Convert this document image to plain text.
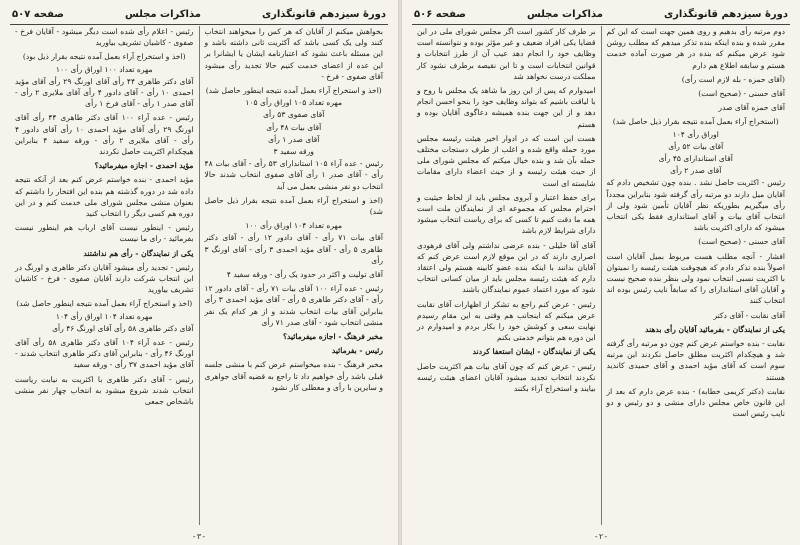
دورهٔ سیزدهم قانونگذاری
مذاکرات مجلس
صفحه ۵۰۷

بخواهش میکنم از آقایان که هر کس را میخواهند انتخاب کنند ولی یک کسی باشد که آکثریت ثانی داشته باشد و این مسئله باعث نشود که اعتبارنامه ایشان یا ایشانرا بر این عده از اعضای خدمت کنیم حالا تجدید رأی میشود آقای صفوی - فرخ -

(اخذ و استخراج آراء بعمل آمده نتیجه اینطور حاصل شد)

مهره تعداد ۱۰۵ اوراق رأی ۱۰۵

آقای صفوی ۵۳ رأی

آقای بیات ۴۸ رأی

آقای صدر ۱ رأی

ورقه سفید ۳

رئیس - عده آراء ۱۰۵ استاندارای ۵۳ رأی - آقای بیات ۴۸ رأی - آقای صدر ۱ رأی آقای صفوی انتخاب شدند حالا انتخاب دو نفر منشی بعمل می آید

(اخذ و استخراج آراء بعمل آمده نتیجه بقرار ذیل حاصل شد)

مهره تعداد ۱۰۴ اوراق رأی ۱۰۰

آقای بیات ۷۱ رأی - آقای دادور ۱۲ رأی - آقای دکتر طاهری ۵ رأی - آقای مؤید احمدی ۳ رأی - آقای اورنگ ۳ رأی

آقای تولیت و اکثر در حدود یک رأی - ورقه سفید ۴

رئیس - عده آراء ۱۰۰ آقای بیات ۷۱ رأی - آقای دادور ۱۲ رأی - آقای دکتر طاهری ۵ رأی - آقای مؤید احمدی ۳ رأی بنابراین آقای بیات انتخاب شدند و از هر کدام یک نفر منشی انتخاب شود - آقای صدر ۷۱ رأی

مخبر فرهنگ - اجازه میفرمائید؟

رئیس - بفرمائید

مخبر فرهنگ - بنده میخواستم عرض کنم با منشی جلسه قبلی باشد رأی خواهیم داد تا راجع به قضیه آقای جواهری و سایرین با رأی و معطلی کار نشود

رئیس - اعلام رأی شده است دیگر میشود - آقایان فرخ - صفوی - کاشیان تشریف بیاورید

(اخذ و استخراج آراء بعمل آمده نتیجه بقرار ذیل بود)

مهره تعداد ۱۰۰ اوراق رأی ۱۰۰

آقای دکتر طاهری ۴۴ رأی آقای اورنگ ۲۹ رأی آقای مؤید احمدی ۱۰ رأی - آقای دادور ۴ رأی آقای ملایری ۲ رأی - آقای صدر ۱ رأی - آقای فرخ ۱ رأی

رئیس - عده آراء ۱۰۰ آقای دکتر طاهری ۴۴ رأی آقای اورنگ ۲۹ رأی آقای مؤید احمدی ۱۰ رأی آقای دادور ۴ رأی - آقای ملایری ۲ رأی - ورقه سفید ۴ بنابراین هیچکدام اکثریت حاصل نکردند

مؤید احمدی - اجازه میفرمائید؟

مؤید احمدی - بنده خواستم عرض کنم بعد از آنکه نتیجه داده شد در دوره گذشته هم بنده این افتخار را داشتم که بعنوان منشی مجلس شورای ملی خدمت کنم و در این دوره هم کسی دیگر را انتخاب کنید

رئیس - اینطور نیست آقای ارباب هم اینطور نیست بفرمائید - رای ما نیست

یکی از نمایندگان - رأی هم نداشتند

رئیس - تجدید رأی میشود آقایان دکتر طاهری و اورنگ در این انتخاب شرکت دارند آقایان صفوی - فرخ - کاشیان تشریف بیاورید

(اخذ و استخراج آراء بعمل آمده نتیجه اینطور حاصل شد)

مهره تعداد ۱۰۴ اوراق رأی ۱۰۴

آقای دکتر طاهری ۵۸ رأی آقای اورنگ ۴۶ رأی

رئیس - عده آراء ۱۰۴ آقای دکتر طاهری ۵۸ رأی آقای اورنگ ۴۶ رأی - بنابراین آقای دکتر طاهری انتخاب شدند - آقای مؤید احمدی ۳۷ رأی - ورقه سفید

رئیس - آقای دکتر طاهری با اکثریت به نیابت ریاست انتخاب شدند شروع میشود به انتخاب چهار نفر منشی باشخاص جمعی

-۳-
دورهٔ سیزدهم قانونگذاری
مذاکرات مجلس
صفحه ۵۰۶

دوم مرتبه رأی بدهیم و روی همین جهت است که این کم مقرر شده و بنده اینکه بنده تذکر میدهم که مطلب روشن شود عرض میکنم که بنده در هر صورت آماده خدمت هستم و سابقه اطلاع هم دارم

(آقای حمزه - بله لازم است رأی)

آقای حسنی - (صحیح است)

آقای حمزه آقای صدر

(استخراج آراء بعمل آمده نتیجه بقرار ذیل حاصل شد)

اوراق رأی ۱۰۴

آقای بیات ۵۲ رأی

آقای استاندارای ۴۵ رأی

آقای صدر ۲ رأی

رئیس - اکثریت حاصل نشد . بنده چون تشخیص دادم که آقایان میل دارند دو مرتبه رأی گرفته شود بنابراین مجدداً رأی میگیریم بطوریکه نظر آقایان تأمین شود ولی از انتخاب آقای بیات و آقای استانداری فقط یکی انتخاب میشود که دارای اکثریت باشد

آقای حسنی - (صحیح است)

افشار - آنچه مطلب هست مربوط بمیل آقایان است اصولاً بنده تذکر دادم که هیچوقت هیئت رئیسه را نمیتوان با اکثریت نسبی انتخاب نمود ولی بنظر بنده صحیح نیست و آقایان آقای استاندارای را که سابقاً نایب رئیس بوده اند انتخاب کنند

آقای نقابت - آقای دکتر

یکی از نمایندگان - بفرمائید آقایان رأی بدهند

نقابت - بنده خواستم عرض کنم چون دو مرتبه رأی گرفته شد و هیچکدام اکثریت مطلق حاصل نکردند این مرتبه سوم است که آقای مؤید احمدی و آقای حمیدی کاندید هستند

نقابت (دکتر کریمی خطابه) - بنده عرض دارم که بعد از این قانون خاص مجلس دارای منشی و دو رئیس و دو نایب رئیس است

بر طرف کار کشور است اگر مجلس شورای ملی در این قضایا یکی افراد ضعیف و غیر مؤثر بوده و نتوانسته است وظایف خود را انجام دهد عیب آن از طرز انتخابات و قوانین انتخابات است و تا این نقیصه برطرف نشود کار مملکت درست نخواهد شد

امیدوارم که پس از این روز ما شاهد یک مجلس با روح و با لیاقت باشیم که بتواند وظایف خود را بنحو احسن انجام دهد و از این جهت بنده همیشه دعاگوی آقایان بوده و هستم

هست این است که در ادوار اخیر هیئت رئیسه مجلس مورد حمله واقع شده و اغلب از طرف دستجات مختلف حمله بآن شد و بنده خیال میکنم که مجلس شورای ملی از حیث هیئت رئیسه و از حیث اعضاء دارای مقامات شایسته ای است

برای حفظ اعتبار و آبروی مجلس باید از لحاظ حیثیت و احترام مجلس که مجموعه ای از نمایندگان ملت است همه ما دقت کنیم تا کسی که برای ریاست انتخاب میشود دارای شرایط لازم باشد

آقای آقا خلیلی - بنده عرضی نداشتم ولی آقای فرهودی اصراری دارند که در این موقع لازم است عرض کنم که آقایان بدانند با اینکه بنده عضو کابینه هستم ولی اعتقاد دارم که هیئت رئیسه مجلس باید از میان کسانی انتخاب شود که مورد اعتماد عموم نمایندگان باشند

رئیس - عرض کنم راجع به تشکر از اظهارات آقای نقابت عرض میکنم که اینجانب هم وقتی به این مقام رسیدم نهایت سعی و کوشش خود را بکار بردم و امیدوارم در این دوره هم بتوانم خدمتی بکنم

یکی از نمایندگان - ایشان استعفا کردند

رئیس - عرض کنم که چون آقای بیات هم اکثریت حاصل نکردند انتخاب تجدید میشود آقایان اعضای هیئت رئیسه بیایند و استخراج آراء بکنند

-۲-
